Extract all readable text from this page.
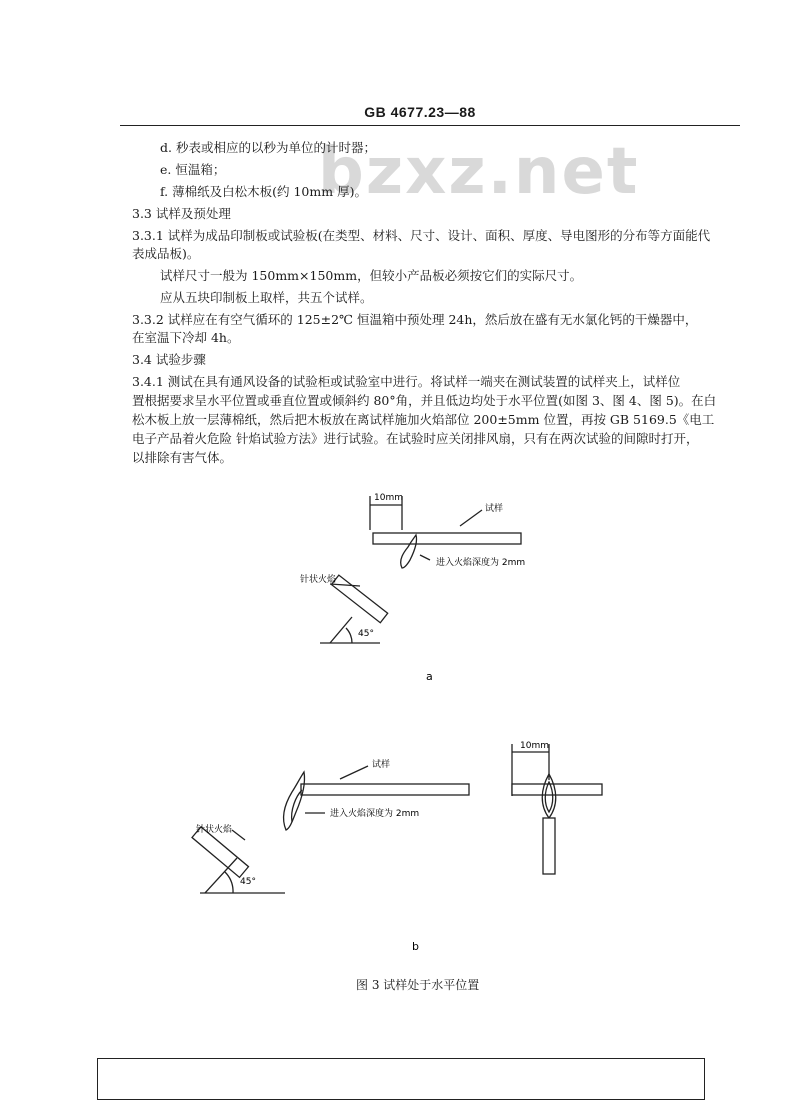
GB 4677.23—88
bzxz.net
d. 秒表或相应的以秒为单位的计时器；
e. 恒温箱；
f. 薄棉纸及白松木板(约 10mm 厚)。
3.3 试样及预处理
3.3.1 试样为成品印制板或试验板(在类型、材料、尺寸、设计、面积、厚度、导电图形的分布等方面能代
表成品板)。
试样尺寸一般为 150mm×150mm，但较小产品板必须按它们的实际尺寸。
应从五块印制板上取样，共五个试样。
3.3.2 试样应在有空气循环的 125±2℃ 恒温箱中预处理 24h，然后放在盛有无水氯化钙的干燥器中，
在室温下冷却 4h。
3.4 试验步骤
3.4.1 测试在具有通风设备的试验柜或试验室中进行。将试样一端夹在测试装置的试样夹上，试样位
置根据要求呈水平位置或垂直位置或倾斜约 80°角，并且低边均处于水平位置(如图 3、图 4、图 5)。在白
松木板上放一层薄棉纸，然后把木板放在离试样施加火焰部位 200±5mm 位置，再按 GB 5169.5《电工
电子产品着火危险 针焰试验方法》进行试验。在试验时应关闭排风扇，只有在两次试验的间隙时打开，
以排除有害气体。
10mm
试样
进入火焰深度为 2mm
针状火焰
45°
a
试样
进入火焰深度为 2mm
针状火焰
45°
10mm
b
图 3 试样处于水平位置
